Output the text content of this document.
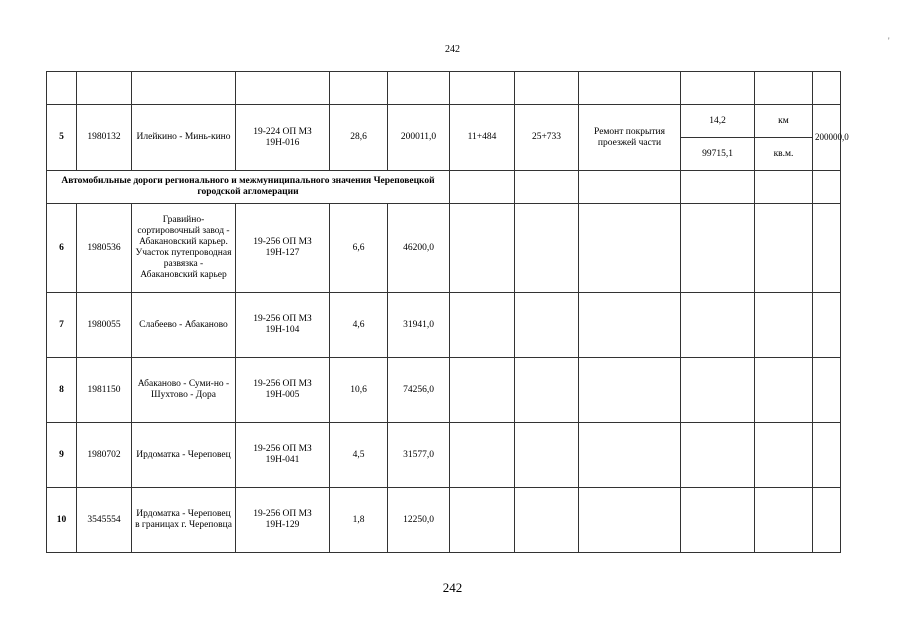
242
'

5	1980132	Илейкино - Минь-кино	19-224 ОП МЗ 19Н-016	28,6	200011,0	11+484	25+733	Ремонт покрытия проезжей части	14,2	км	200000,0
									99715,1	кв.м.	
Автомобильные дороги регионального и межмуниципального значения Череповецкой городской агломерации											
6	1980536	Гравийно-сортировочный завод - Абакановский карьер. Участок путепроводная развязка - Абакановский карьер	19-256 ОП МЗ 19Н-127	6,6	46200,0						
7	1980055	Слабеево - Абаканово	19-256 ОП МЗ 19Н-104	4,6	31941,0						
8	1981150	Абаканово - Суми-но - Шухтово - Дора	19-256 ОП МЗ 19Н-005	10,6	74256,0						
9	1980702	Ирдоматка - Череповец	19-256 ОП МЗ 19Н-041	4,5	31577,0						
10	3545554	Ирдоматка - Череповец в границах г. Череповца	19-256 ОП МЗ 19Н-129	1,8	12250,0						
242
